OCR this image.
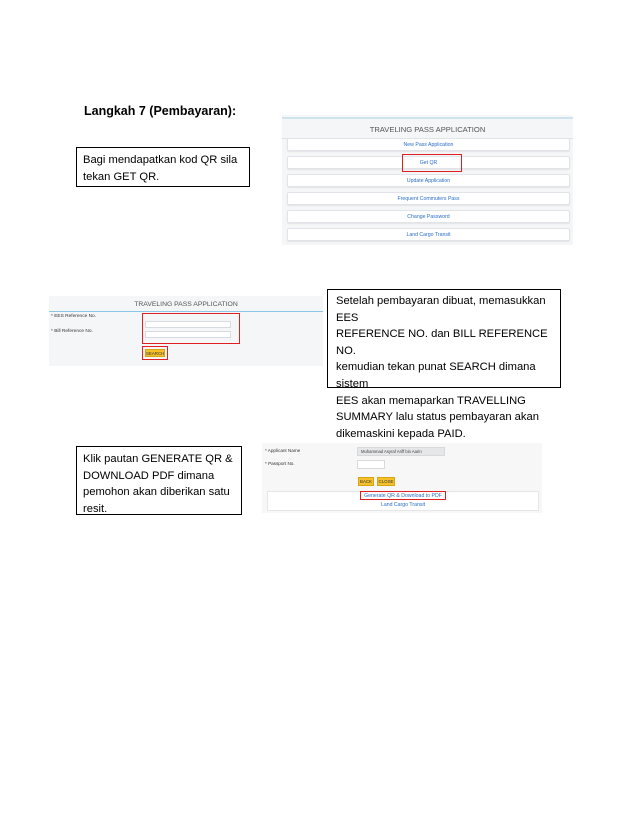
Langkah 7 (Pembayaran):
Bagi mendapatkan kod QR sila
tekan GET QR.
TRAVELING PASS APPLICATION
New Pass Application
Get QR
Update Application
Frequent Commuters Pass
Change Password
Land Cargo Transit
TRAVELING PASS APPLICATION
* EES Reference No.
* Bill Reference No.
SEARCH
Setelah pembayaran dibuat, memasukkan EES
REFERENCE NO. dan BILL REFERENCE NO.
kemudian tekan punat SEARCH dimana sistem
EES akan memaparkan TRAVELLING
SUMMARY lalu status pembayaran akan
dikemaskini kepada PAID.
Klik pautan GENERATE QR &
DOWNLOAD PDF dimana
pemohon akan diberikan satu
resit.
* Applicant Name	Muhammad Asyraf Ariff bin Aarin
* Passport No.
BACK	CLOSE
Generate QR & Download to PDF
Land Cargo Transit
